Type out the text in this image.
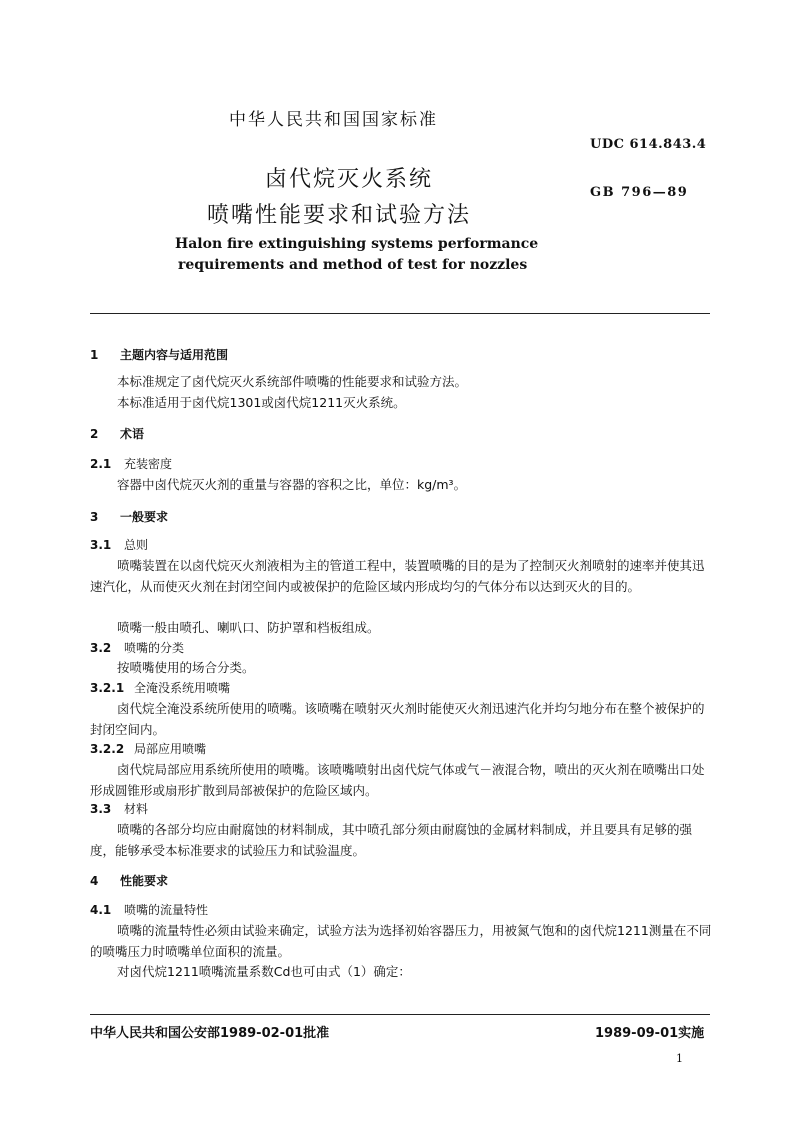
中华人民共和国国家标准
UDC 614.843.4
卤代烷灭火系统
GB 796—89
喷嘴性能要求和试验方法
Halon fire extinguishing systems performance
requirements and method of test for nozzles
1 主题内容与适用范围
本标准规定了卤代烷灭火系统部件喷嘴的性能要求和试验方法。
本标准适用于卤代烷1301或卤代烷1211灭火系统。
2 术语
2.1 充装密度
容器中卤代烷灭火剂的重量与容器的容积之比，单位：kg/m³。
3 一般要求
3.1 总则
喷嘴装置在以卤代烷灭火剂液相为主的管道工程中，装置喷嘴的目的是为了控制灭火剂喷射的速率并使其迅速汽化，从而使灭火剂在封闭空间内或被保护的危险区域内形成均匀的气体分布以达到灭火的目的。
喷嘴一般由喷孔、喇叭口、防护罩和档板组成。
3.2 喷嘴的分类
按喷嘴使用的场合分类。
3.2.1 全淹没系统用喷嘴
卤代烷全淹没系统所使用的喷嘴。该喷嘴在喷射灭火剂时能使灭火剂迅速汽化并均匀地分布在整个被保护的封闭空间内。
3.2.2 局部应用喷嘴
卤代烷局部应用系统所使用的喷嘴。该喷嘴喷射出卤代烷气体或气－液混合物，喷出的灭火剂在喷嘴出口处形成圆锥形或扇形扩散到局部被保护的危险区域内。
3.3 材料
喷嘴的各部分均应由耐腐蚀的材料制成，其中喷孔部分须由耐腐蚀的金属材料制成，并且要具有足够的强度，能够承受本标准要求的试验压力和试验温度。
4 性能要求
4.1 喷嘴的流量特性
喷嘴的流量特性必须由试验来确定，试验方法为选择初始容器压力，用被氮气饱和的卤代烷1211测量在不同的喷嘴压力时喷嘴单位面积的流量。
对卤代烷1211喷嘴流量系数Cd也可由式（1）确定：
中华人民共和国公安部1989-02-01批准	1989-09-01实施
1
